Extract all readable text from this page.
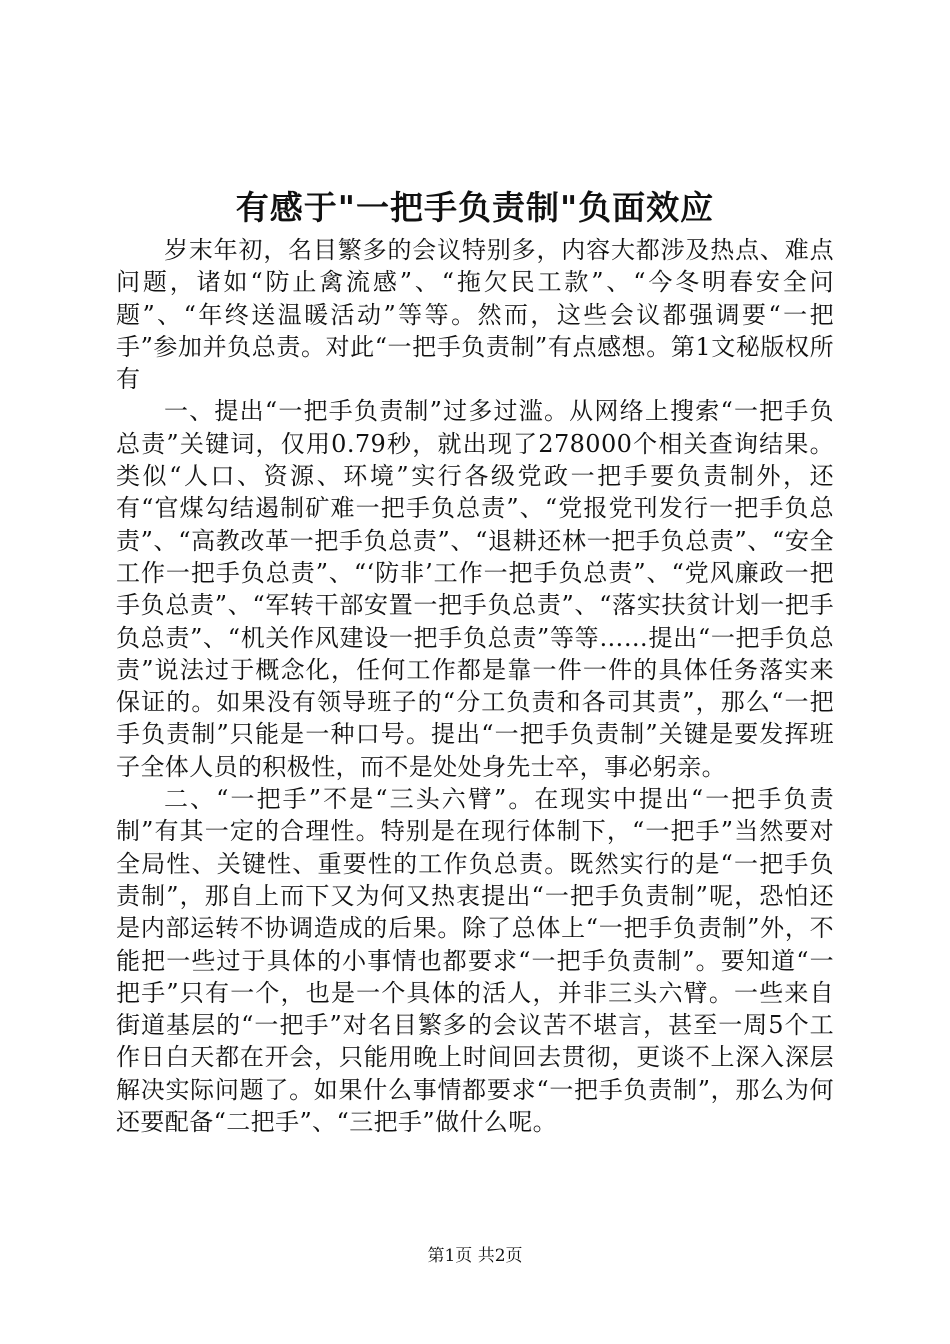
有感于"一把手负责制"负面效应

岁末年初，名目繁多的会议特别多，内容大都涉及热点、难点问题，诸如“防止禽流感”、“拖欠民工款”、“今冬明春安全问题”、“年终送温暖活动”等等。然而，这些会议都强调要“一把手”参加并负总责。对此“一把手负责制”有点感想。第1文秘版权所有

一、提出“一把手负责制”过多过滥。从网络上搜索“一把手负总责”关键词，仅用0.79秒，就出现了278000个相关查询结果。类似“人口、资源、环境”实行各级党政一把手要负责制外，还有“官煤勾结遏制矿难一把手负总责”、“党报党刊发行一把手负总责”、“高教改革一把手负总责”、“退耕还林一把手负总责”、“安全工作一把手负总责”、“‘防非’工作一把手负总责”、“党风廉政一把手负总责”、“军转干部安置一把手负总责”、“落实扶贫计划一把手负总责”、“机关作风建设一把手负总责”等等……提出“一把手负总责”说法过于概念化，任何工作都是靠一件一件的具体任务落实来保证的。如果没有领导班子的“分工负责和各司其责”，那么“一把手负责制”只能是一种口号。提出“一把手负责制”关键是要发挥班子全体人员的积极性，而不是处处身先士卒，事必躬亲。

二、“一把手”不是“三头六臂”。在现实中提出“一把手负责制”有其一定的合理性。特别是在现行体制下，“一把手”当然要对全局性、关键性、重要性的工作负总责。既然实行的是“一把手负责制”，那自上而下又为何又热衷提出“一把手负责制”呢，恐怕还是内部运转不协调造成的后果。除了总体上“一把手负责制”外，不能把一些过于具体的小事情也都要求“一把手负责制”。要知道“一把手”只有一个，也是一个具体的活人，并非三头六臂。一些来自街道基层的“一把手”对名目繁多的会议苦不堪言，甚至一周5个工作日白天都在开会，只能用晚上时间回去贯彻，更谈不上深入深层解决实际问题了。如果什么事情都要求“一把手负责制”，那么为何还要配备“二把手”、“三把手”做什么呢。

第1页 共2页
